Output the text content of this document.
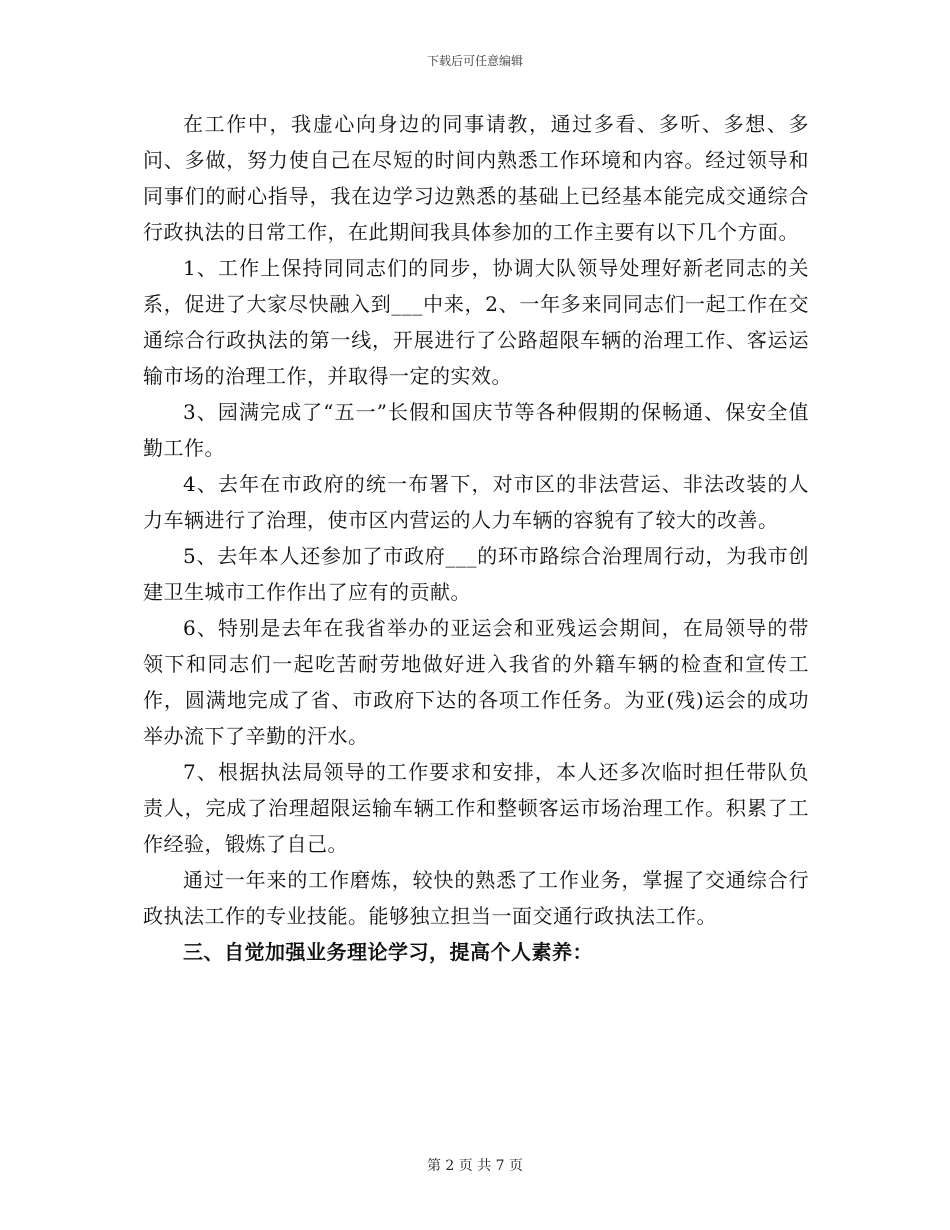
下载后可任意编辑

在工作中，我虚心向身边的同事请教，通过多看、多听、多想、多问、多做，努力使自己在尽短的时间内熟悉工作环境和内容。经过领导和同事们的耐心指导，我在边学习边熟悉的基础上已经基本能完成交通综合行政执法的日常工作，在此期间我具体参加的工作主要有以下几个方面。

1、工作上保持同同志们的同步，协调大队领导处理好新老同志的关系，促进了大家尽快融入到___中来，2、一年多来同同志们一起工作在交通综合行政执法的第一线，开展进行了公路超限车辆的治理工作、客运运输市场的治理工作，并取得一定的实效。

3、园满完成了“五一”长假和国庆节等各种假期的保畅通、保安全值勤工作。

4、去年在市政府的统一布署下，对市区的非法营运、非法改装的人力车辆进行了治理，使市区内营运的人力车辆的容貌有了较大的改善。

5、去年本人还参加了市政府___的环市路综合治理周行动，为我市创建卫生城市工作作出了应有的贡献。

6、特别是去年在我省举办的亚运会和亚残运会期间，在局领导的带领下和同志们一起吃苦耐劳地做好进入我省的外籍车辆的检查和宣传工作，圆满地完成了省、市政府下达的各项工作任务。为亚(残)运会的成功举办流下了辛勤的汗水。

7、根据执法局领导的工作要求和安排，本人还多次临时担任带队负责人，完成了治理超限运输车辆工作和整顿客运市场治理工作。积累了工作经验，锻炼了自己。

通过一年来的工作磨炼，较快的熟悉了工作业务，掌握了交通综合行政执法工作的专业技能。能够独立担当一面交通行政执法工作。

三、自觉加强业务理论学习，提高个人素养：
第 2 页 共 7 页
